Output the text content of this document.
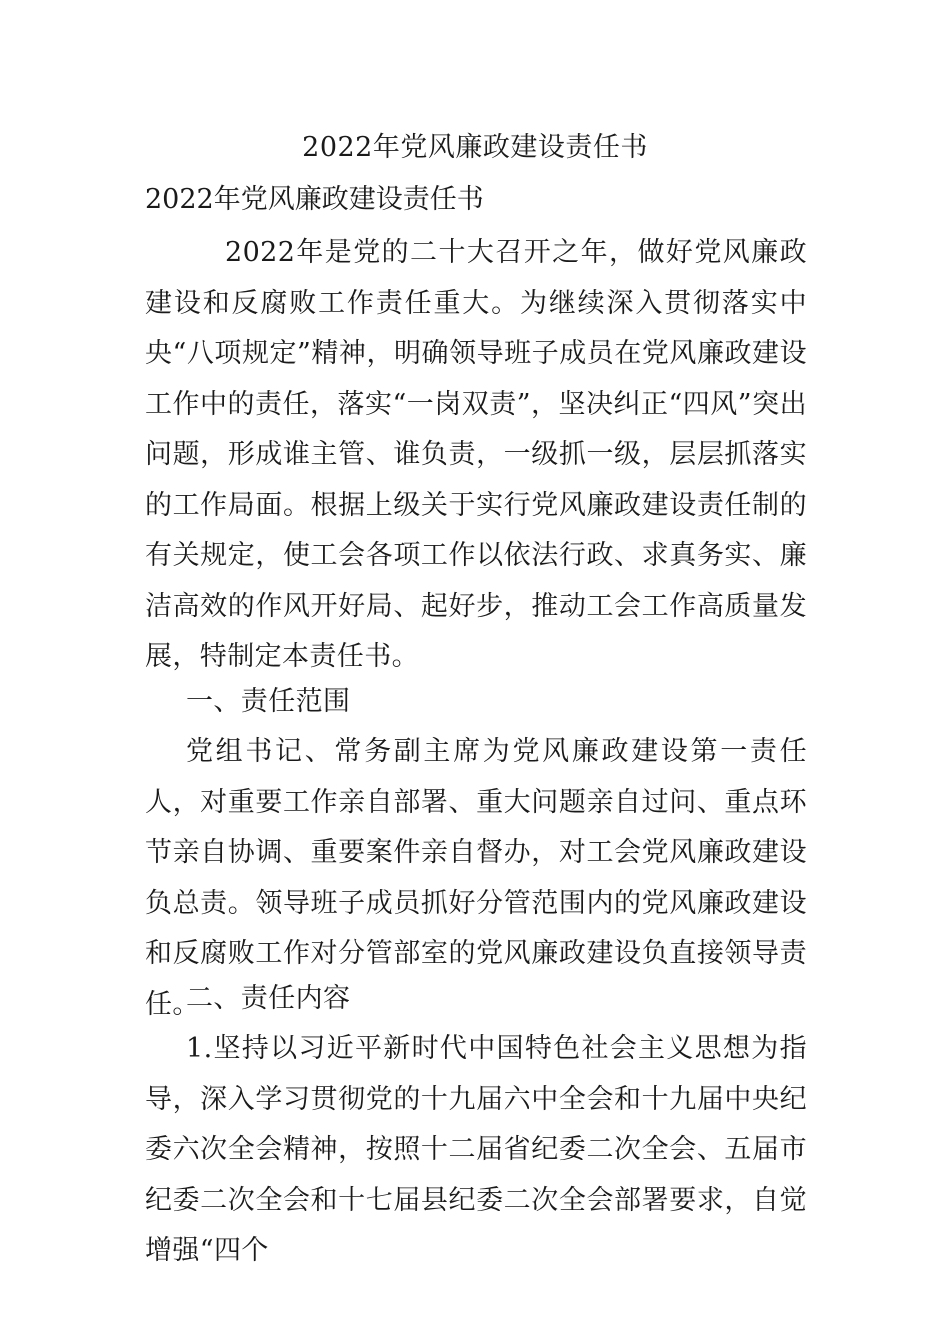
2022年党风廉政建设责任书
2022年党风廉政建设责任书

2022年是党的二十大召开之年，做好党风廉政建设和反腐败工作责任重大。为继续深入贯彻落实中央“八项规定”精神，明确领导班子成员在党风廉政建设工作中的责任，落实“一岗双责”，坚决纠正“四风”突出问题，形成谁主管、谁负责，一级抓一级，层层抓落实的工作局面。根据上级关于实行党风廉政建设责任制的有关规定，使工会各项工作以依法行政、求真务实、廉洁高效的作风开好局、起好步，推动工会工作高质量发展，特制定本责任书。

一、责任范围

党组书记、常务副主席为党风廉政建设第一责任人，对重要工作亲自部署、重大问题亲自过问、重点环节亲自协调、重要案件亲自督办，对工会党风廉政建设负总责。领导班子成员抓好分管范围内的党风廉政建设和反腐败工作对分管部室的党风廉政建设负直接领导责任。

二、责任内容

1.坚持以习近平新时代中国特色社会主义思想为指导，深入学习贯彻党的十九届六中全会和十九届中央纪委六次全会精神，按照十二届省纪委二次全会、五届市纪委二次全会和十七届县纪委二次全会部署要求，自觉增强“四个
